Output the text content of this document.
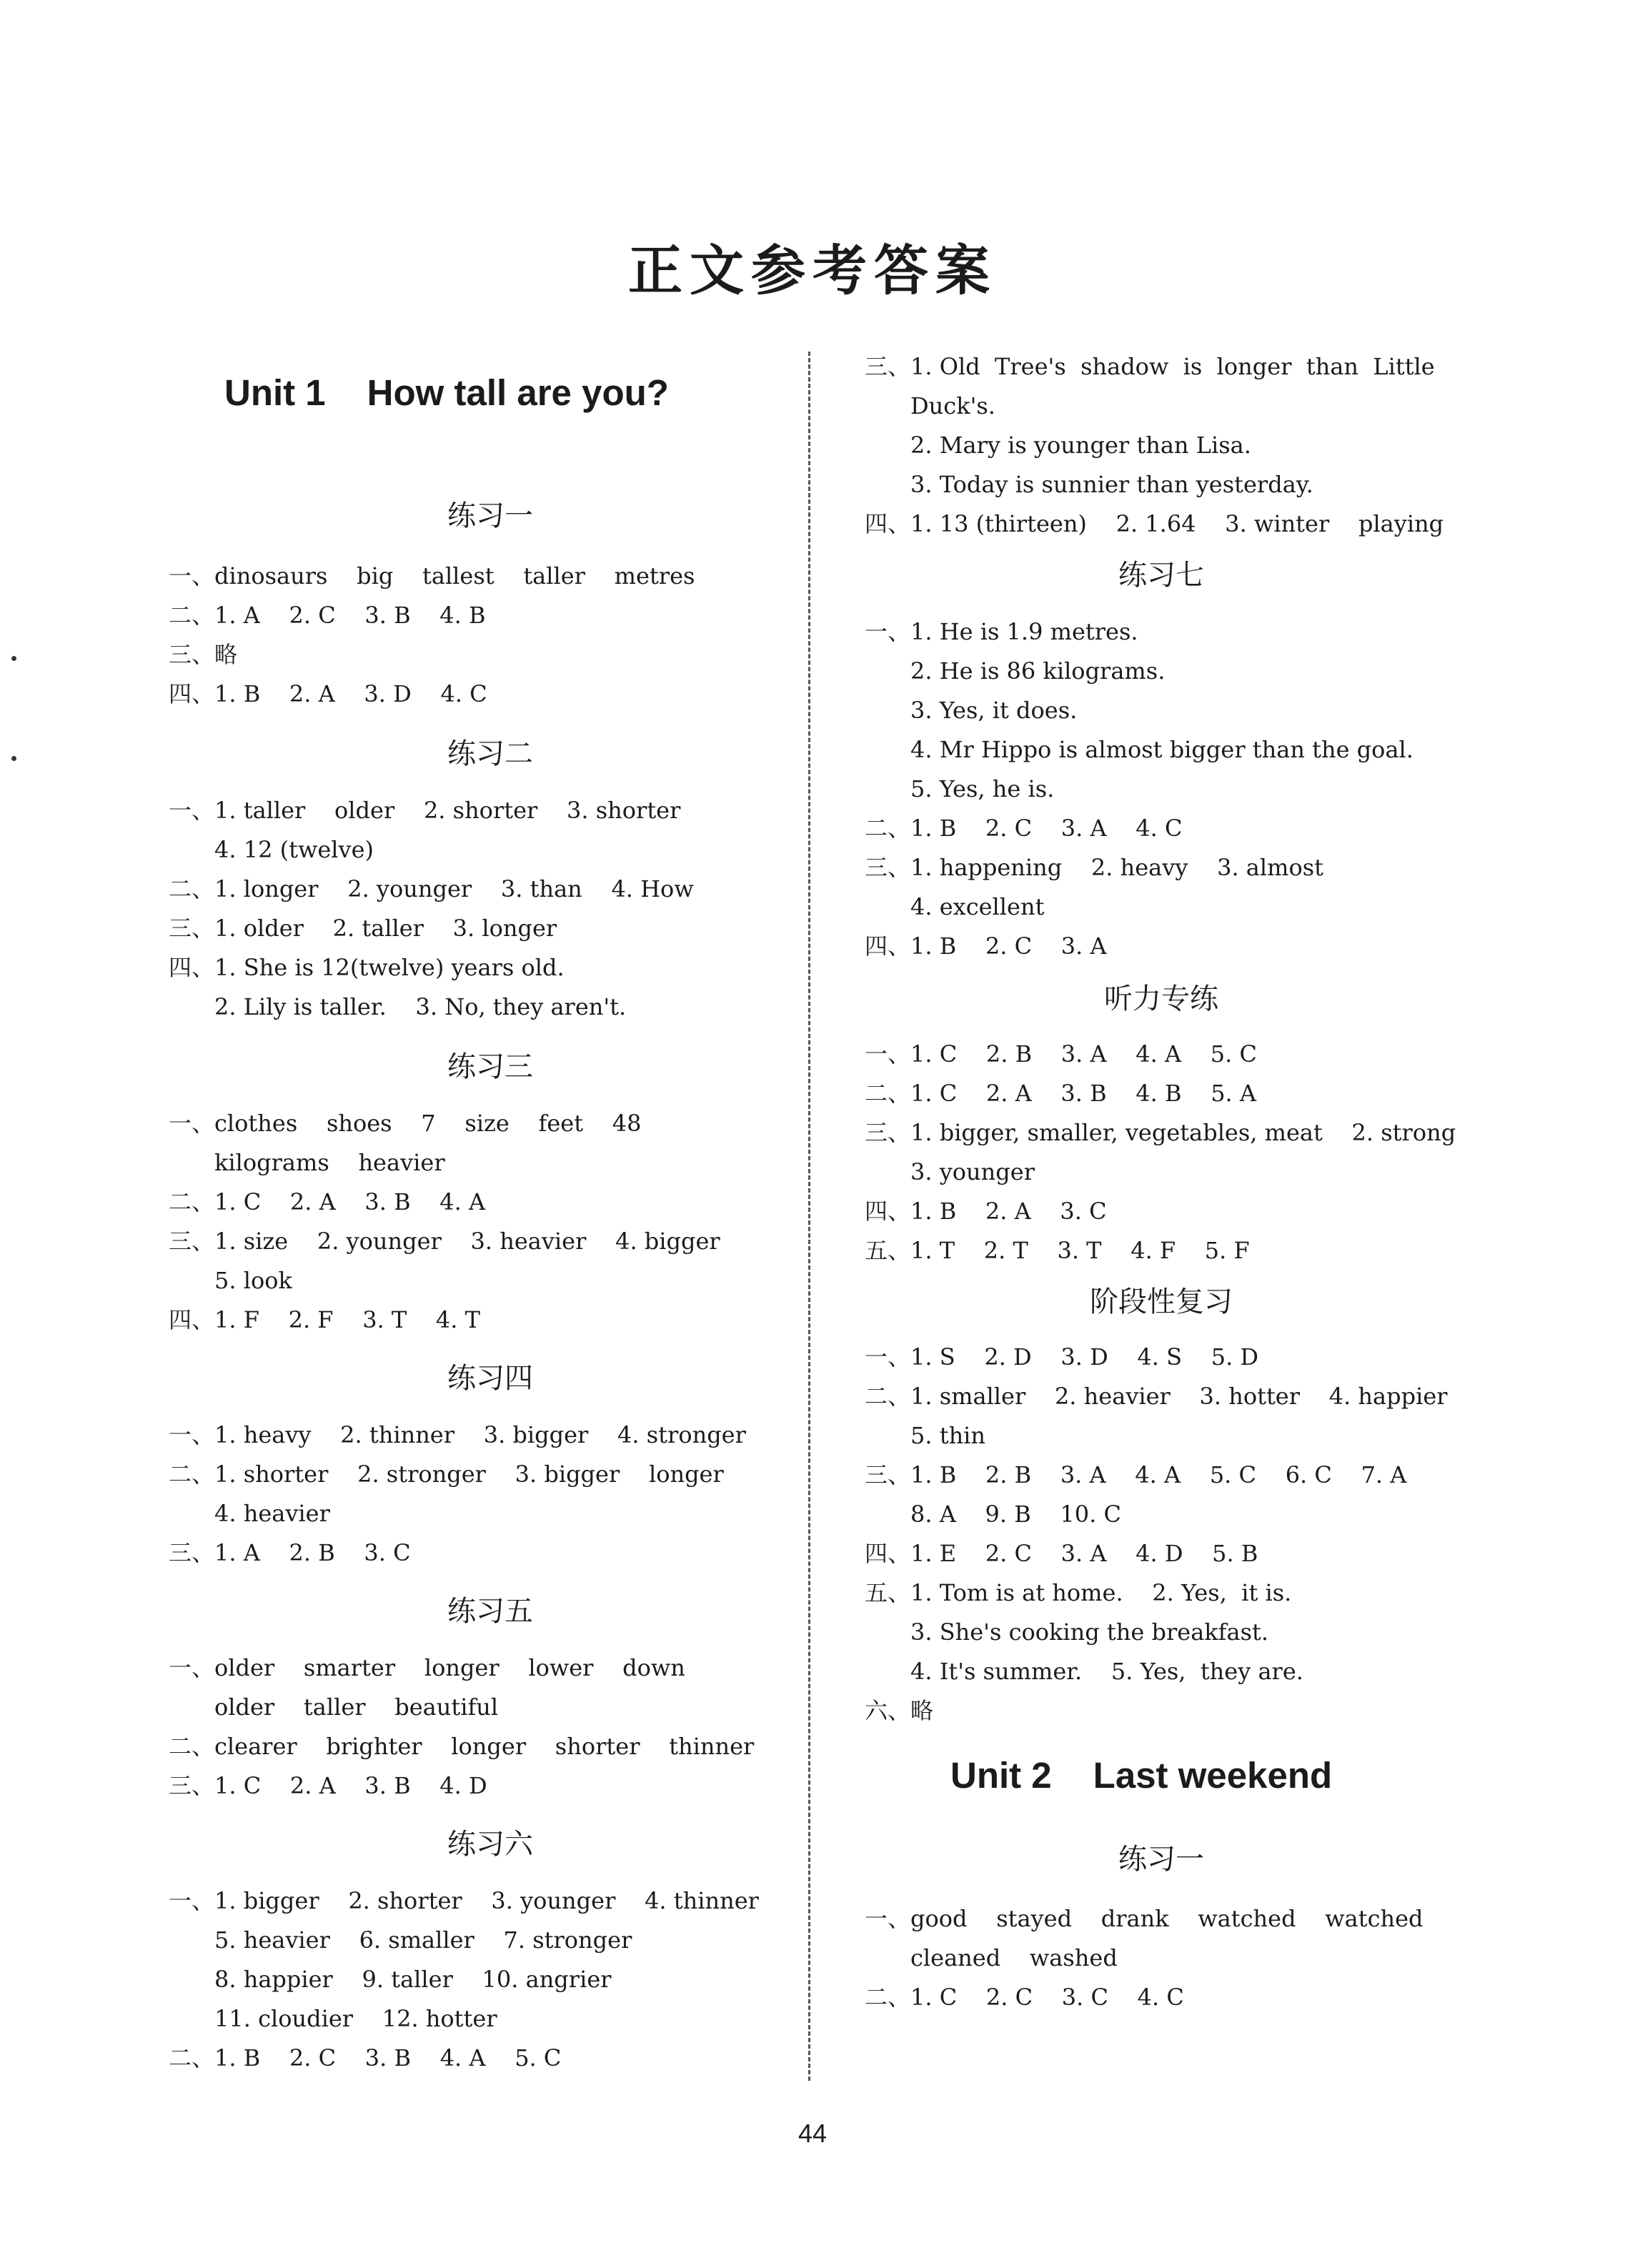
正文参考答案
Unit 1 How tall are you?
练习一
一、dinosaurs    big    tallest    taller    metres
二、1. A    2. C    3. B    4. B
三、略
四、1. B    2. A    3. D    4. C
练习二
一、1. taller    older    2. shorter    3. shorter
4. 12 (twelve)
二、1. longer    2. younger    3. than    4. How
三、1. older    2. taller    3. longer
四、1. She is 12(twelve) years old.
2. Lily is taller.    3. No, they aren't.
练习三
一、clothes    shoes    7    size    feet    48
kilograms    heavier
二、1. C    2. A    3. B    4. A
三、1. size    2. younger    3. heavier    4. bigger
5. look
四、1. F    2. F    3. T    4. T
练习四
一、1. heavy    2. thinner    3. bigger    4. stronger
二、1. shorter    2. stronger    3. bigger    longer
4. heavier
三、1. A    2. B    3. C
练习五
一、older    smarter    longer    lower    down
older    taller    beautiful
二、clearer    brighter    longer    shorter    thinner
三、1. C    2. A    3. B    4. D
练习六
一、1. bigger    2. shorter    3. younger    4. thinner
5. heavier    6. smaller    7. stronger
8. happier    9. taller    10. angrier
11. cloudier    12. hotter
二、1. B    2. C    3. B    4. A    5. C
三、1. Old  Tree's  shadow  is  longer  than  Little
Duck's.
2. Mary is younger than Lisa.
3. Today is sunnier than yesterday.
四、1. 13 (thirteen)    2. 1.64    3. winter    playing
练习七
一、1. He is 1.9 metres.
2. He is 86 kilograms.
3. Yes, it does.
4. Mr Hippo is almost bigger than the goal.
5. Yes, he is.
二、1. B    2. C    3. A    4. C
三、1. happening    2. heavy    3. almost
4. excellent
四、1. B    2. C    3. A
听力专练
一、1. C    2. B    3. A    4. A    5. C
二、1. C    2. A    3. B    4. B    5. A
三、1. bigger, smaller, vegetables, meat    2. strong
3. younger
四、1. B    2. A    3. C
五、1. T    2. T    3. T    4. F    5. F
阶段性复习
一、1. S    2. D    3. D    4. S    5. D
二、1. smaller    2. heavier    3. hotter    4. happier
5. thin
三、1. B    2. B    3. A    4. A    5. C    6. C    7. A
8. A    9. B    10. C
四、1. E    2. C    3. A    4. D    5. B
五、1. Tom is at home.    2. Yes,  it is.
3. She's cooking the breakfast.
4. It's summer.    5. Yes,  they are.
六、略
Unit 2 Last weekend
练习一
一、good    stayed    drank    watched    watched
cleaned    washed
二、1. C    2. C    3. C    4. C

44
